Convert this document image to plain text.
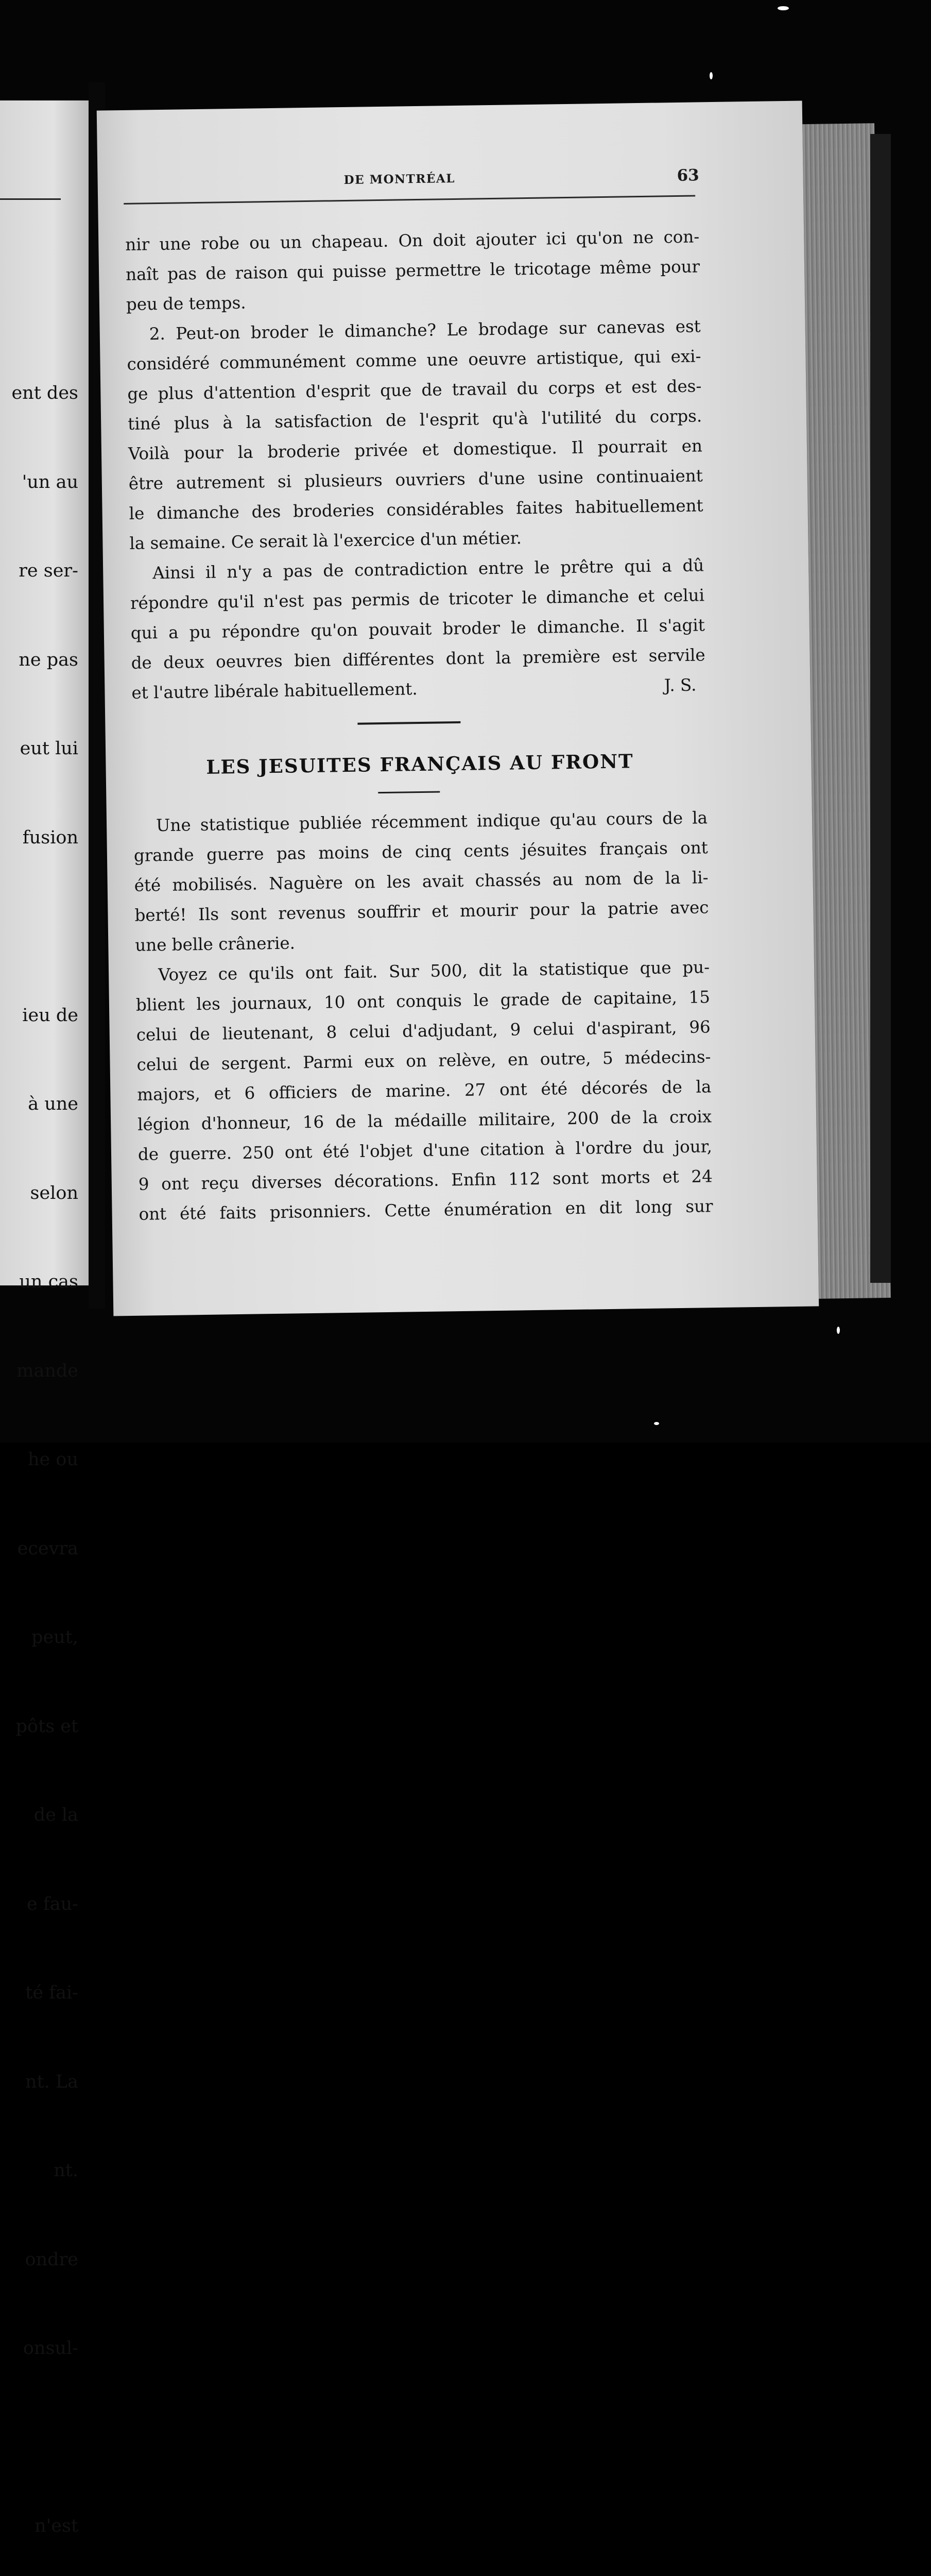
ent des

'un au

re ser-

ne pas

eut lui

fusion

ieu de

à une

selon

un cas

mande

he ou

ecevra

peut,

pôts et

de la

e fau-

té fai-

nt. La

nt.

ondre

onsul-

n'est

DE MONTRÉAL	63
nir une robe ou un chapeau. On doit ajouter ici qu'on ne con-
naît pas de raison qui puisse permettre le tricotage même pour
peu de temps.
2. Peut-on broder le dimanche? Le brodage sur canevas est
considéré communément comme une oeuvre artistique, qui exi-
ge plus d'attention d'esprit que de travail du corps et est des-
tiné plus à la satisfaction de l'esprit qu'à l'utilité du corps.
Voilà pour la broderie privée et domestique. Il pourrait en
être autrement si plusieurs ouvriers d'une usine continuaient
le dimanche des broderies considérables faites habituellement
la semaine. Ce serait là l'exercice d'un métier.
Ainsi il n'y a pas de contradiction entre le prêtre qui a dû
répondre qu'il n'est pas permis de tricoter le dimanche et celui
qui a pu répondre qu'on pouvait broder le dimanche. Il s'agit
de deux oeuvres bien différentes dont la première est servile
et l'autre libérale habituellement.	J. S.
LES JESUITES FRANÇAIS AU FRONT
Une statistique publiée récemment indique qu'au cours de la
grande guerre pas moins de cinq cents jésuites français ont
été mobilisés. Naguère on les avait chassés au nom de la li-
berté! Ils sont revenus souffrir et mourir pour la patrie avec
une belle crânerie.
Voyez ce qu'ils ont fait. Sur 500, dit la statistique que pu-
blient les journaux, 10 ont conquis le grade de capitaine, 15
celui de lieutenant, 8 celui d'adjudant, 9 celui d'aspirant, 96
celui de sergent. Parmi eux on relève, en outre, 5 médecins-
majors, et 6 officiers de marine. 27 ont été décorés de la
légion d'honneur, 16 de la médaille militaire, 200 de la croix
de guerre. 250 ont été l'objet d'une citation à l'ordre du jour,
9 ont reçu diverses décorations. Enfin 112 sont morts et 24
ont été faits prisonniers. Cette énumération en dit long sur
